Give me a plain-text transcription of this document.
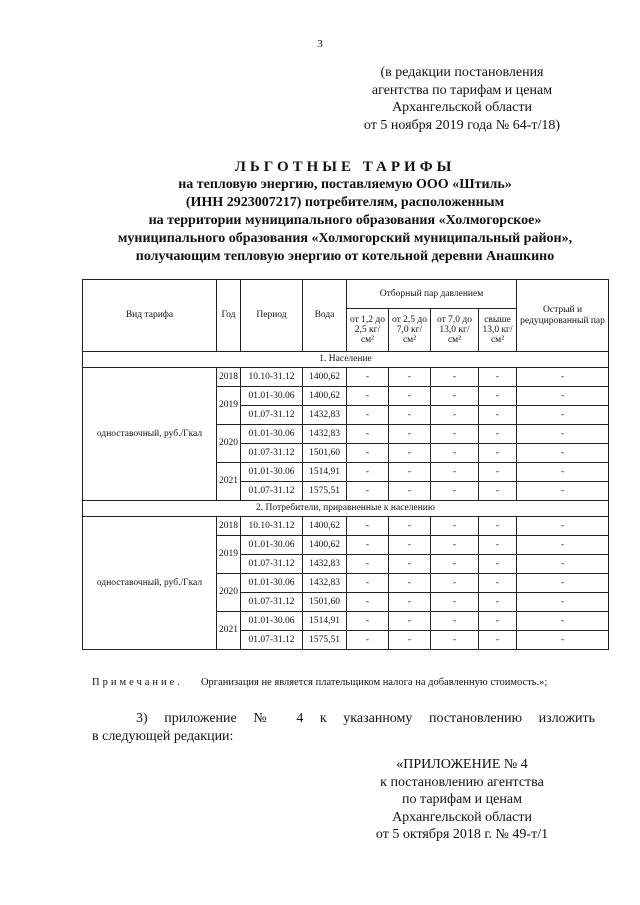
3
(в редакции постановления
агентства по тарифам и ценам
Архангельской области
от 5 ноября 2019 года № 64-т/18)
ЛЬГОТНЫЕ ТАРИФЫ
на тепловую энергию, поставляемую ООО «Штиль»
(ИНН 2923007217) потребителям, расположенным
на территории муниципального образования «Холмогорское»
муниципального образования «Холмогорский муниципальный район»,
получающим тепловую энергию от котельной деревни Анашкино
Вид тарифа	Год	Период	Вода	Отборный пар давлением				Острый и редуцированный пар
				от 1,2 до 2,5 кг/см²	от 2,5 до 7,0 кг/см²	от 7,0 до 13,0 кг/см²	свыше 13,0 кг/см²	
1. Население								
одноставочный, руб./Гкал	2018	10.10-31.12	1400,62	-	-	-	-	-
	2019	01.01-30.06	1400,62	-	-	-	-	-
		01.07-31.12	1432,83	-	-	-	-	-
	2020	01.01-30.06	1432,83	-	-	-	-	-
		01.07-31.12	1501,60	-	-	-	-	-
	2021	01.01-30.06	1514,91	-	-	-	-	-
		01.07-31.12	1575,51	-	-	-	-	-
2. Потребители, приравненные к населению								
одноставочный, руб./Гкал	2018	10.10-31.12	1400,62	-	-	-	-	-
	2019	01.01-30.06	1400,62	-	-	-	-	-
		01.07-31.12	1432,83	-	-	-	-	-
	2020	01.01-30.06	1432,83	-	-	-	-	-
		01.07-31.12	1501,60	-	-	-	-	-
	2021	01.01-30.06	1514,91	-	-	-	-	-
		01.07-31.12	1575,51	-	-	-	-	-
Примечание. Организация не является плательщиком налога на добавленную стоимость.»;
3) приложение № 4 к указанному постановлению изложить
в следующей редакции:
«ПРИЛОЖЕНИЕ № 4
к постановлению агентства
по тарифам и ценам
Архангельской области
от 5 октября 2018 г. № 49-т/1
